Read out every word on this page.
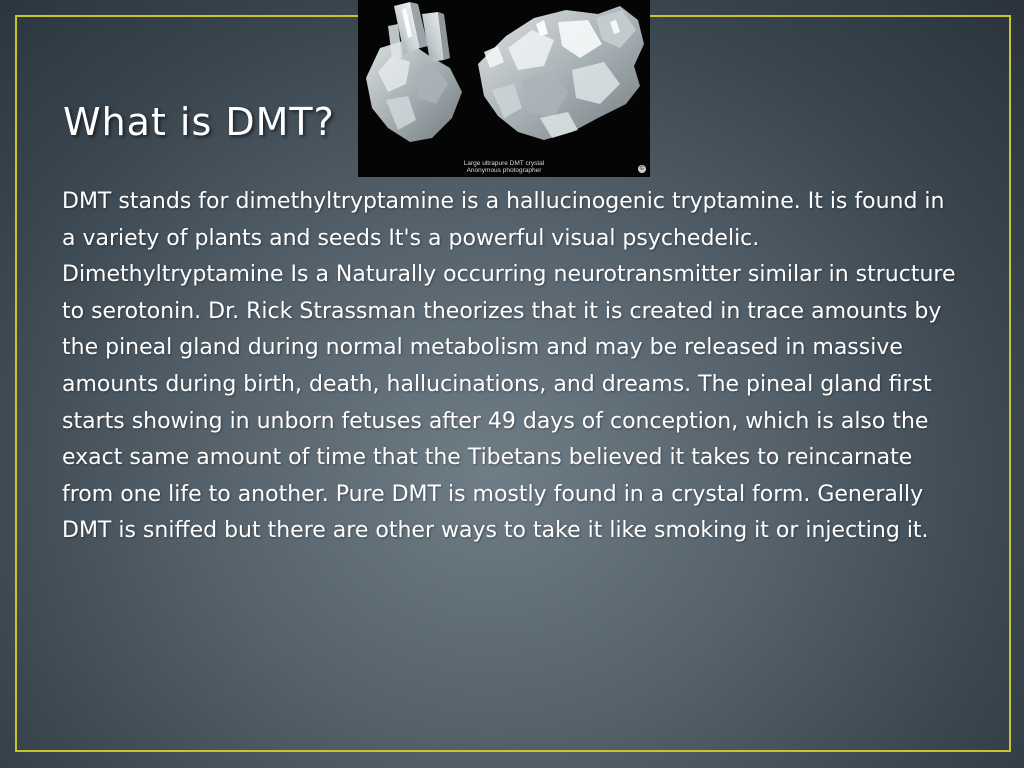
Large ultrapure DMT crystal
Anonymous photographer	©
What is DMT?

DMT stands for dimethyltryptamine is a hallucinogenic tryptamine. It is found in a variety of plants and seeds It's a powerful visual psychedelic. Dimethyltryptamine Is a Naturally occurring neurotransmitter similar in structure to serotonin. Dr. Rick Strassman theorizes that it is created in trace amounts by the pineal gland during normal metabolism and may be released in massive amounts during birth, death, hallucinations, and dreams. The pineal gland first starts showing in unborn fetuses after 49 days of conception, which is also the exact same amount of time that the Tibetans believed it takes to reincarnate from one life to another. Pure DMT is mostly found in a crystal form. Generally DMT is sniffed but there are other ways to take it like smoking it or injecting it.
